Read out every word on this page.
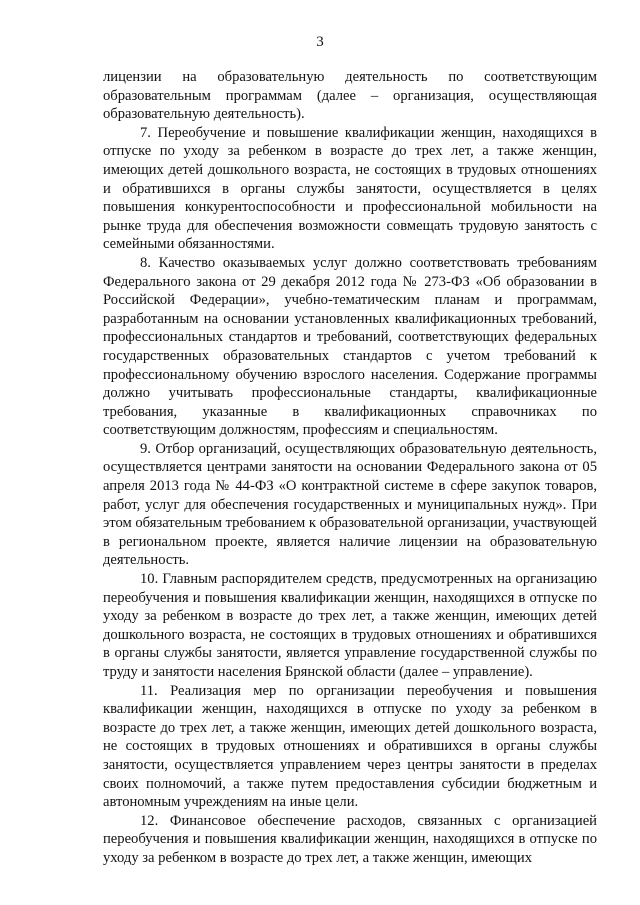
3

лицензии на образовательную деятельность по соответствующим образовательным программам (далее – организация, осуществляющая образовательную деятельность).

7. Переобучение и повышение квалификации женщин, находящихся в отпуске по уходу за ребенком в возрасте до трех лет, а также женщин, имеющих детей дошкольного возраста, не состоящих в трудовых отношениях и обратившихся в органы службы занятости, осуществляется в целях повышения конкурентоспособности и профессиональной мобильности на рынке труда для обеспечения возможности совмещать трудовую занятость с семейными обязанностями.

8. Качество оказываемых услуг должно соответствовать требованиям Федерального закона от 29 декабря 2012 года № 273-ФЗ «Об образовании в Российской Федерации», учебно-тематическим планам и программам, разработанным на основании установленных квалификационных требований, профессиональных стандартов и требований, соответствующих федеральных государственных образовательных стандартов с учетом требований к профессиональному обучению взрослого населения. Содержание программы должно учитывать профессиональные стандарты, квалификационные требования, указанные в квалификационных справочниках по соответствующим должностям, профессиям и специальностям.

9. Отбор организаций, осуществляющих образовательную деятельность, осуществляется центрами занятости на основании Федерального закона от 05 апреля 2013 года № 44-ФЗ «О контрактной системе в сфере закупок товаров, работ, услуг для обеспечения государственных и муниципальных нужд». При этом обязательным требованием к образовательной организации, участвующей в региональном проекте, является наличие лицензии на образовательную деятельность.

10. Главным распорядителем средств, предусмотренных на организацию переобучения и повышения квалификации женщин, находящихся в отпуске по уходу за ребенком в возрасте до трех лет, а также женщин, имеющих детей дошкольного возраста, не состоящих в трудовых отношениях и обратившихся в органы службы занятости, является управление государственной службы по труду и занятости населения Брянской области (далее – управление).

11. Реализация мер по организации переобучения и повышения квалификации женщин, находящихся в отпуске по уходу за ребенком в возрасте до трех лет, а также женщин, имеющих детей дошкольного возраста, не состоящих в трудовых отношениях и обратившихся в органы службы занятости, осуществляется управлением через центры занятости в пределах своих полномочий, а также путем предоставления субсидии бюджетным и автономным учреждениям на иные цели.

12. Финансовое обеспечение расходов, связанных с организацией переобучения и повышения квалификации женщин, находящихся в отпуске по уходу за ребенком в возрасте до трех лет, а также женщин, имеющих
